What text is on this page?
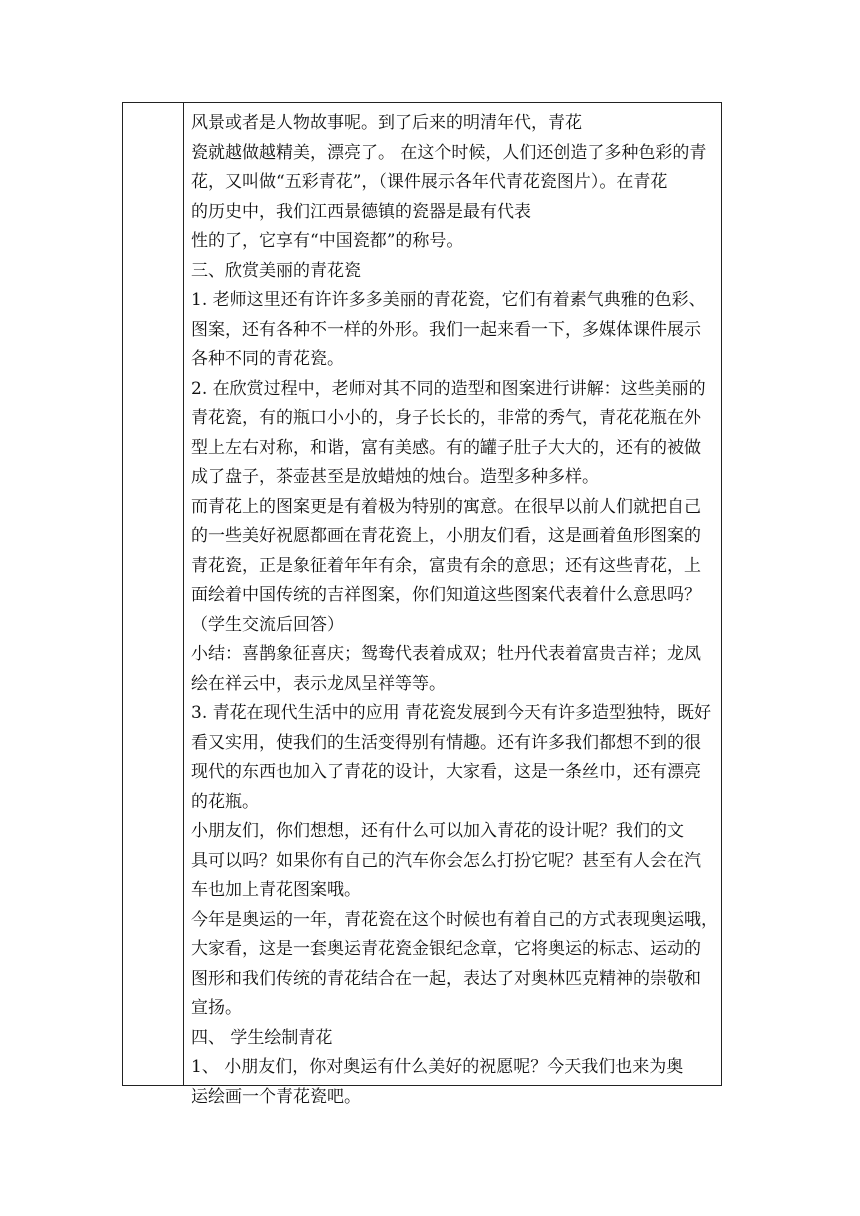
风景或者是人物故事呢。到了后来的明清年代，青花
瓷就越做越精美，漂亮了。 在这个时候，人们还创造了多种色彩的青
花，又叫做“五彩青花”，（课件展示各年代青花瓷图片）。在青花
的历史中，我们江西景德镇的瓷器是最有代表
性的了，它享有“中国瓷都”的称号。
三、欣赏美丽的青花瓷
1. 老师这里还有许许多多美丽的青花瓷，它们有着素气典雅的色彩、
图案，还有各种不一样的外形。我们一起来看一下，多媒体课件展示
各种不同的青花瓷。
2. 在欣赏过程中，老师对其不同的造型和图案进行讲解：这些美丽的
青花瓷，有的瓶口小小的，身子长长的，非常的秀气，青花花瓶在外
型上左右对称，和谐，富有美感。有的罐子肚子大大的，还有的被做
成了盘子，茶壶甚至是放蜡烛的烛台。造型多种多样。
而青花上的图案更是有着极为特别的寓意。在很早以前人们就把自己
的一些美好祝愿都画在青花瓷上，小朋友们看，这是画着鱼形图案的
青花瓷，正是象征着年年有余，富贵有余的意思；还有这些青花，上
面绘着中国传统的吉祥图案，你们知道这些图案代表着什么意思吗？
（学生交流后回答）
小结：喜鹊象征喜庆；鸳鸯代表着成双；牡丹代表着富贵吉祥；龙凤
绘在祥云中，表示龙凤呈祥等等。
3. 青花在现代生活中的应用 青花瓷发展到今天有许多造型独特，既好
看又实用，使我们的生活变得别有情趣。还有许多我们都想不到的很
现代的东西也加入了青花的设计，大家看，这是一条丝巾，还有漂亮
的花瓶。
小朋友们，你们想想，还有什么可以加入青花的设计呢？我们的文
具可以吗？如果你有自己的汽车你会怎么打扮它呢？甚至有人会在汽
车也加上青花图案哦。
今年是奥运的一年，青花瓷在这个时候也有着自己的方式表现奥运哦，
大家看，这是一套奥运青花瓷金银纪念章，它将奥运的标志、运动的
图形和我们传统的青花结合在一起，表达了对奥林匹克精神的崇敬和
宣扬。
四、 学生绘制青花
1、 小朋友们，你对奥运有什么美好的祝愿呢？今天我们也来为奥
运绘画一个青花瓷吧。
